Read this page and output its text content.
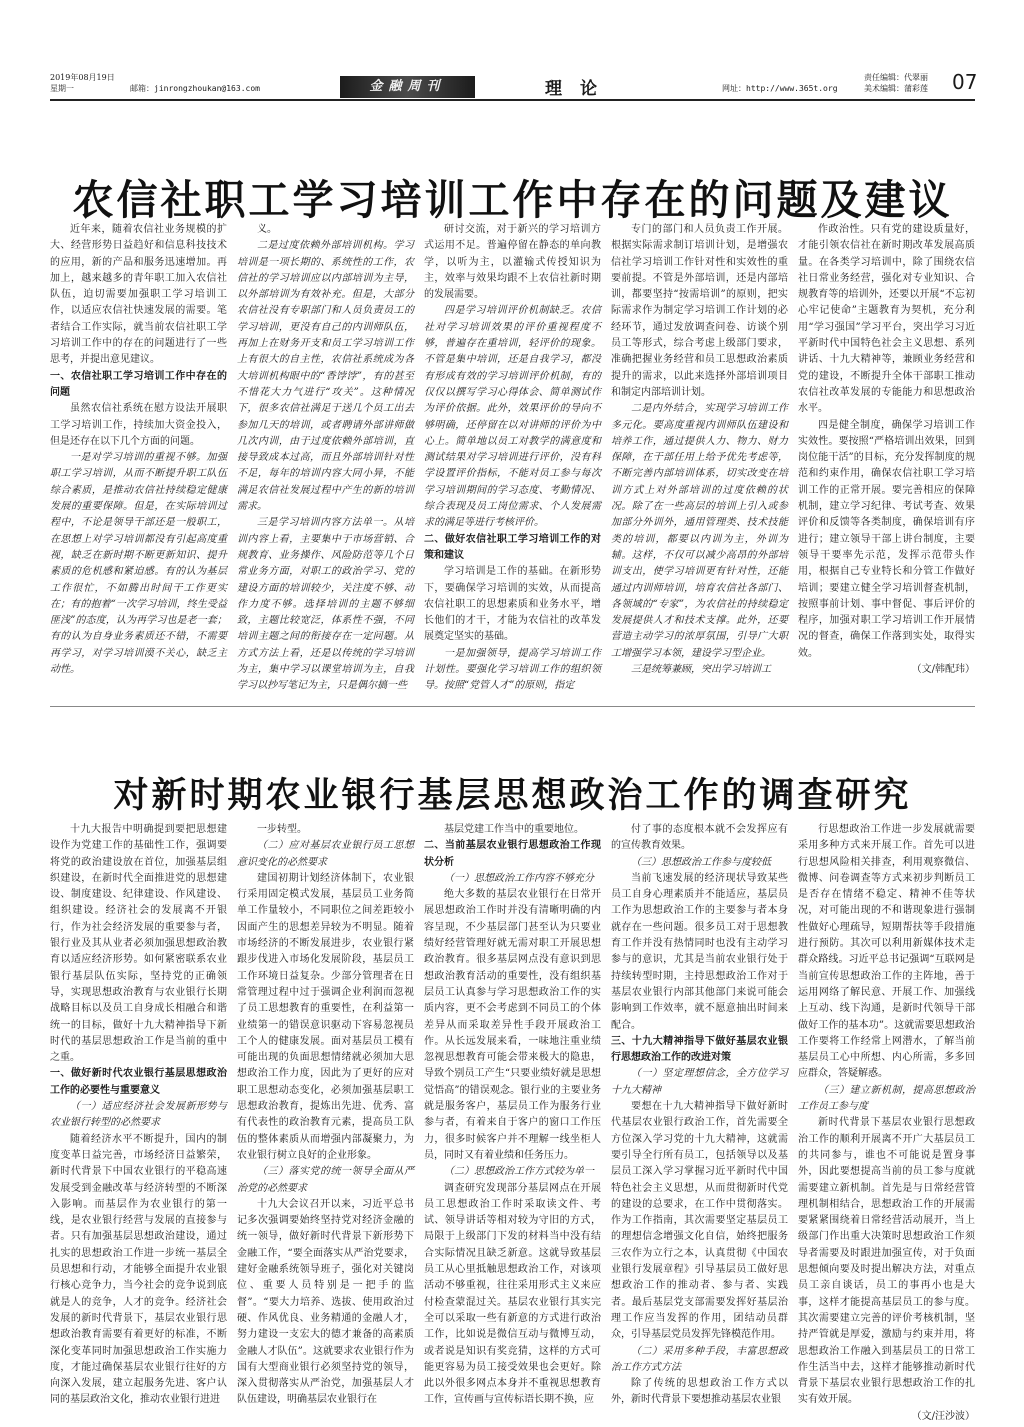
2019年08月19日
星期一	邮箱：jinrongzhoukan@163.com	金融周刊	理论	网址：http://www.365t.org
责任编辑：代翠丽
美术编辑：蒲彩莲 07
农信社职工学习培训工作中存在的问题及建议

近年来，随着农信社业务规模的扩大、经营形势日益趋好和信息科技技术的应用，新的产品和服务迅速增加。再加上，越来越多的青年职工加入农信社队伍，迫切需要加强职工学习培训工作，以适应农信社快速发展的需要。笔者结合工作实际，就当前农信社职工学习培训工作中的存在的问题进行了一些思考，并提出意见建议。

一、农信社职工学习培训工作中存在的问题

虽然农信社系统在慰方设法开展职工学习培训工作，持续加大资金投入，但是还存在以下几个方面的问题。

一是对学习培训的重视不够。加强职工学习培训，从而不断提升职工队伍综合素质，是推动农信社持续稳定健康发展的重要保障。但是，在实际培训过程中，不论是领导干部还是一般职工，在思想上对学习培训都没有引起高度重视，缺乏在新时期不断更新知识、提升素质的危机感和紧迫感。有的认为基层工作很忙，不如腾出时间干工作更实在；有的抱着“一次学习培训，终生受益匪浅”的态度，认为再学习也是老一套；有的认为自身业务素质还不错，不需要再学习，对学习培训漠不关心，缺乏主动性。

义。

二是过度依赖外部培训机构。学习培训是一项长期的、系统性的工作，农信社的学习培训应以内部培训为主导，以外部培训为有效补充。但是，大部分农信社没有专职部门和人员负责员工的学习培训，更没有自己的内训师队伍，再加上在财务开支和员工学习培训工作上有很大的自主性，农信社系统成为各大培训机构眼中的“香饽饽”，有的甚至不惜花大力气进行“攻关”。这种情况下，很多农信社满足于送几个员工出去参加几天的培训，或者聘请外部讲师做几次内训，由于过度依赖外部培训，直接导致成本过高，而且外部培训针对性不足，每年的培训内容大同小异，不能满足农信社发展过程中产生的新的培训需求。

三是学习培训内容方法单一。从培训内容上看，主要集中于市场营销、合规教育、业务操作、风险防范等几个日常业务方面，对职工的政治学习、党的建设方面的培训较少，关注度不够、动作力度不够。选择培训的主题不够细致，主题比较宽泛，体系性不强，不同培训主题之间的衔接存在一定问题。从方式方法上看，还是以传统的学习培训为主，集中学习以课堂培训为主，自我学习以抄写笔记为主，只是偶尔搞一些

研讨交流，对于新兴的学习培训方式运用不足。普遍停留在静态的单向教学，以听为主，以灌输式传授知识为主，效率与效果均跟不上农信社新时期的发展需要。

四是学习培训评价机制缺乏。农信社对学习培训效果的评价重视程度不够，普遍存在重培训，轻评价的现象。不管是集中培训，还是自我学习，都没有形成有效的学习培训评价机制，有的仅仅以撰写学习心得体会、简单测试作为评价依据。此外，效果评价的导向不够明确，还停留在以对讲师的评价为中心上。简单地以员工对教学的满意度和测试结果对学习培训进行评价，没有科学设置评价指标，不能对员工参与每次学习培训期间的学习态度、考勤情况、综合表现及员工岗位需求、个人发展需求的满足等进行考核评价。

二、做好农信社职工学习培训工作的对策和建议

学习培训是工作的基础。在新形势下，要确保学习培训的实效，从而提高农信社职工的思想素质和业务水平，增长他们的才干，才能为农信社的改革发展奠定坚实的基础。

一是加强领导，提高学习培训工作计划性。要强化学习培训工作的组织领导。按照“党管人才”的原则，指定

专门的部门和人员负责工作开展。根据实际需求制订培训计划，是增强农信社学习培训工作针对性和实效性的重要前提。不管是外部培训，还是内部培训，都要坚持“按需培训”的原则，把实际需求作为制定学习培训工作计划的必经环节，通过发放调查问卷、访谈个别员工等形式，综合考虑上级部门要求，准确把握业务经营和员工思想政治素质提升的需求，以此来选择外部培训项目和制定内部培训计划。

二是内外结合，实现学习培训工作多元化。要高度重视内训师队伍建设和培养工作，通过提供人力、物力、财力保障，在干部任用上给予优先考虑等，不断完善内部培训体系，切实改变在培训方式上对外部培训的过度依赖的状况。除了在一些高层的培训上引入或参加部分外训外，通用管理类、技术技能类的培训，都要以内训为主，外训为辅。这样，不仅可以减少高昂的外部培训支出，使学习培训更有针对性，还能通过内训师培训，培育农信社各部门、各领域的“专家”，为农信社的持续稳定发展提供人才和技术支撑。此外，还要营造主动学习的浓厚氛围，引导广大职工增强学习本领，建设学习型企业。

三是统筹兼顾，突出学习培训工

作政治性。只有党的建设质量好，才能引领农信社在新时期改革发展高质量。在各类学习培训中，除了围绕农信社日常业务经营，强化对专业知识、合规教育等的培训外，还要以开展“不忘初心牢记使命”主题教育为契机，充分利用“学习强国”学习平台，突出学习习近平新时代中国特色社会主义思想、系列讲话、十九大精神等，兼顾业务经营和党的建设，不断提升全体干部职工推动农信社改革发展的专能能力和思想政治水平。

四是健全制度，确保学习培训工作实效性。要按照“严格培训出效果，回到岗位能干活”的目标，充分发挥制度的规范和约束作用，确保农信社职工学习培训工作的正常开展。要完善相应的保障机制，建立学习纪律、考试考查、效果评价和反馈等各类制度，确保培训有序进行；建立领导干部上讲台制度，主要领导干要率先示范，发挥示范带头作用，根据自己专业特长和分管工作做好培训；要建立健全学习培训督查机制，按照事前计划、事中督促、事后评价的程序，加强对职工学习培训工作开展情况的督查，确保工作落到实处，取得实效。

（文/韩配玮）

对新时期农业银行基层思想政治工作的调查研究

十九大报告中明确提到要把思想建设作为党建工作的基础性工作，强调要将党的政治建设放在首位，加强基层组织建设，在新时代全面推进党的思想建设、制度建设、纪律建设、作风建设、组织建设。经济社会的发展离不开银行，作为社会经济发展的重要参与者，银行业及其从业者必须加强思想政治教育以适应经济形势。如何紧密联系农业银行基层队伍实际，坚持党的正确领导，实现思想政治教育与农业银行长期战略目标以及员工自身成长相融合和谐统一的目标，做好十九大精神指导下新时代的基层思想政治工作是当前的重中之重。

一、做好新时代农业银行基层思想政治工作的必要性与重要意义

（一）适应经济社会发展新形势与农业银行转型的必然要求

随着经济水平不断提升，国内的制度变革日益完善，市场经济日益繁荣，新时代背景下中国农业银行的平稳高速发展受到金融改革与经济转型的不断深入影响。而基层作为农业银行的第一线，是农业银行经营与发展的直接参与者。只有加强基层思想政治建设，通过扎实的思想政治工作进一步统一基层全员思想和行动，才能够全面提升农业银行核心竞争力，当今社会的竞争说到底就是人的竞争，人才的竞争。经济社会发展的新时代背景下，基层农业银行思想政治教育需要有着更好的标准，不断深化变革同时加强思想政治工作实施力度，才能过确保基层农业银行往好的方向深入发展，建立起服务先进、客户认同的基层政治文化，推动农业银行进进

一步转型。

（二）应对基层农业银行员工思想意识变化的必然要求

建国初期计划经济体制下，农业银行采用固定模式发展，基层员工业务简单工作量较小，不同职位之间差距较小因面产生的思想差异较为不明显。随着市场经济的不断发展进步，农业银行紧跟步伐进入市场化发展阶段，基层员工工作环境日益复杂。少部分管理者在日常管理过程中过于强调企业利润而忽视了员工思想教育的重要性，在利益第一业绩第一的错误意识驱动下容易忽视员工个人的健康发展。面对基层员工模有可能出现的负面思想情绪就必须加大思想政治工作力度，因此为了更好的应对职工思想动态变化，必须加强基层职工思想政治教育，提炼出先进、优秀、富有代表性的政治教育元素，提高员工队伍的整体素质从而增强内部凝聚力，为农业银行树立良好的企业形象。

（三）落实党的统一领导全面从严治党的必然要求

十九大会议召开以来，习近平总书记多次强调要始终坚持党对经济金融的统一领导，做好新时代背景下新形势下金融工作，“要全面落实从严治党要求，建好金融系统领导班子，强化对关键岗位、重要人员特别是一把手的监督”。“要大力培养、选拔、使用政治过硬、作风优良、业务精通的金融人才，努力建设一支宏大的德才兼备的高素质金融人才队伍”。这就要求农业银行作为国有大型商业银行必须坚持党的领导，深入贯彻落实从严治党，加强基层人才队伍建设，明确基层农业银行在

基层党建工作当中的重要地位。

二、当前基层农业银行思想政治工作现状分析

（一）思想政治工作内容不够充分

绝大多数的基层农业银行在日常开展思想政治工作时并没有清晰明确的内容呈现，不少基层部门甚至认为只要业绩好经营管理好就无需对职工开展思想政治教育。很多基层网点没有意识到思想政治教育活动的重要性，没有组织基层员工认真参与学习思想政治工作的实质内容，更不会考虑到不同员工的个体差异从而采取差异性手段开展政治工作。从长远发展来看，一味地注重业绩忽视思想教育可能会带来极大的隐患，导致个别员工产生“只要业绩好就是思想觉悟高”的错误观念。银行业的主要业务就是服务客户，基层员工作为服务行业参与者，有着来自于客户的窗口工作压力，很多时候客户并不理解一线坐柜人员，同时又有着业绩和任务压力。

（二）思想政治工作方式较为单一

调查研究发现部分基层网点在开展员工思想政治工作时采取读文件、考试、领导讲话等相对较为守旧的方式，局限于上级部门下发的材料当中没有结合实际情况且缺乏新意。这就导致基层员工从心里抵触思想政治工作，对该项活动不够重视，往往采用形式主义来应付检查蒙混过关。基层农业银行其实完全可以采取一些有新意的方式进行政治工作，比如说是微信互动与微博互动，或者说是知识有奖竞猜，这样的方式可能更容易为员工接受效果也会更好。除此以外很多网点本身并不重视思想教育工作，宣传画与宣传标语长期不换，应

付了事的态度根本就不会发挥应有的宣传教育效果。

（三）思想政治工作参与度较低

当前飞速发展的经济现状导致某些员工自身心理素质并不能适应，基层员工作为思想政治工作的主要参与者本身就存在一些问题。很多员工对于思想教育工作并没有热情同时也没有主动学习参与的意识，尤其是当前农业银行处于持续转型时期，主持思想政治工作对于基层农业银行内部其他部门来说可能会影响到工作效率，就不愿意抽出时间来配合。

三、十九大精神指导下做好基层农业银行思想政治工作的改进对策

（一）坚定理想信念，全方位学习十九大精神

要想在十九大精神指导下做好新时代基层农业银行政治工作，首先需要全方位深入学习党的十九大精神，这就需要引导全行所有员工，包括领导以及基层员工深入学习掌握习近平新时代中国特色社会主义思想，从而贯彻新时代党的建设的总要求，在工作中贯彻落实。作为工作指南，其次需要坚定基层员工的理想信念增强文化自信，始终把服务三农作为立行之本，认真贯彻《中国农业银行发展章程》引导基层员工做好思想政治工作的推动者、参与者、实践者。最后基层党支部需要发挥好基层治理工作应当发挥的作用，团结动员群众，引导基层党员发挥先锋模范作用。

（二）采用多种手段，丰富思想政治工作方式方法

除了传统的思想政治工作方式以外，新时代背景下要想推动基层农业银

行思想政治工作进一步发展就需要采用多种方式来开展工作。首先可以进行思想风险相关排查，利用观察微信、微博、问卷调查等方式来初步判断员工是否存在情绪不稳定、精神不佳等状况，对可能出现的不和谐现象进行强制性做好心理疏导，短期帮扶等手段措施进行预防。其次可以利用新媒体技术走群众路线。习近平总书记强调“互联网是当前宣传思想政治工作的主阵地，善于运用网络了解民意、开展工作、加强线上互动、线下沟通，是新时代领导干部做好工作的基本功”。这就需要思想政治工作要将工作经常上网潜水，了解当前基层员工心中所想、内心所需，多多回应群众，答疑解惑。

（三）建立新机制，提高思想政治工作员工参与度

新时代背景下基层农业银行思想政治工作的顺利开展离不开广大基层员工的共同参与，谁也不可能说是置身事外，因此要想提高当前的员工参与度就需要建立新机制。首先是与日常经营管理机制相结合，思想政治工作的开展需要紧紧围绕着日常经营活动展开，当上级部门作出重大决策时思想政治工作须导者需要及时跟进加强宣传，对于负面思想倾向要及时提出解决方法，对重点员工亲自谈话，员工的事再小也是大事，这样才能提高基层员工的参与度。其次需要建立完善的评价考核机制，坚持严管就是厚爱，激励与约束并用，将思想政治工作融入到基层员工的日常工作生活当中去，这样才能够推动新时代背景下基层农业银行思想政治工作的扎实有效开展。

（文/汪沙波）
